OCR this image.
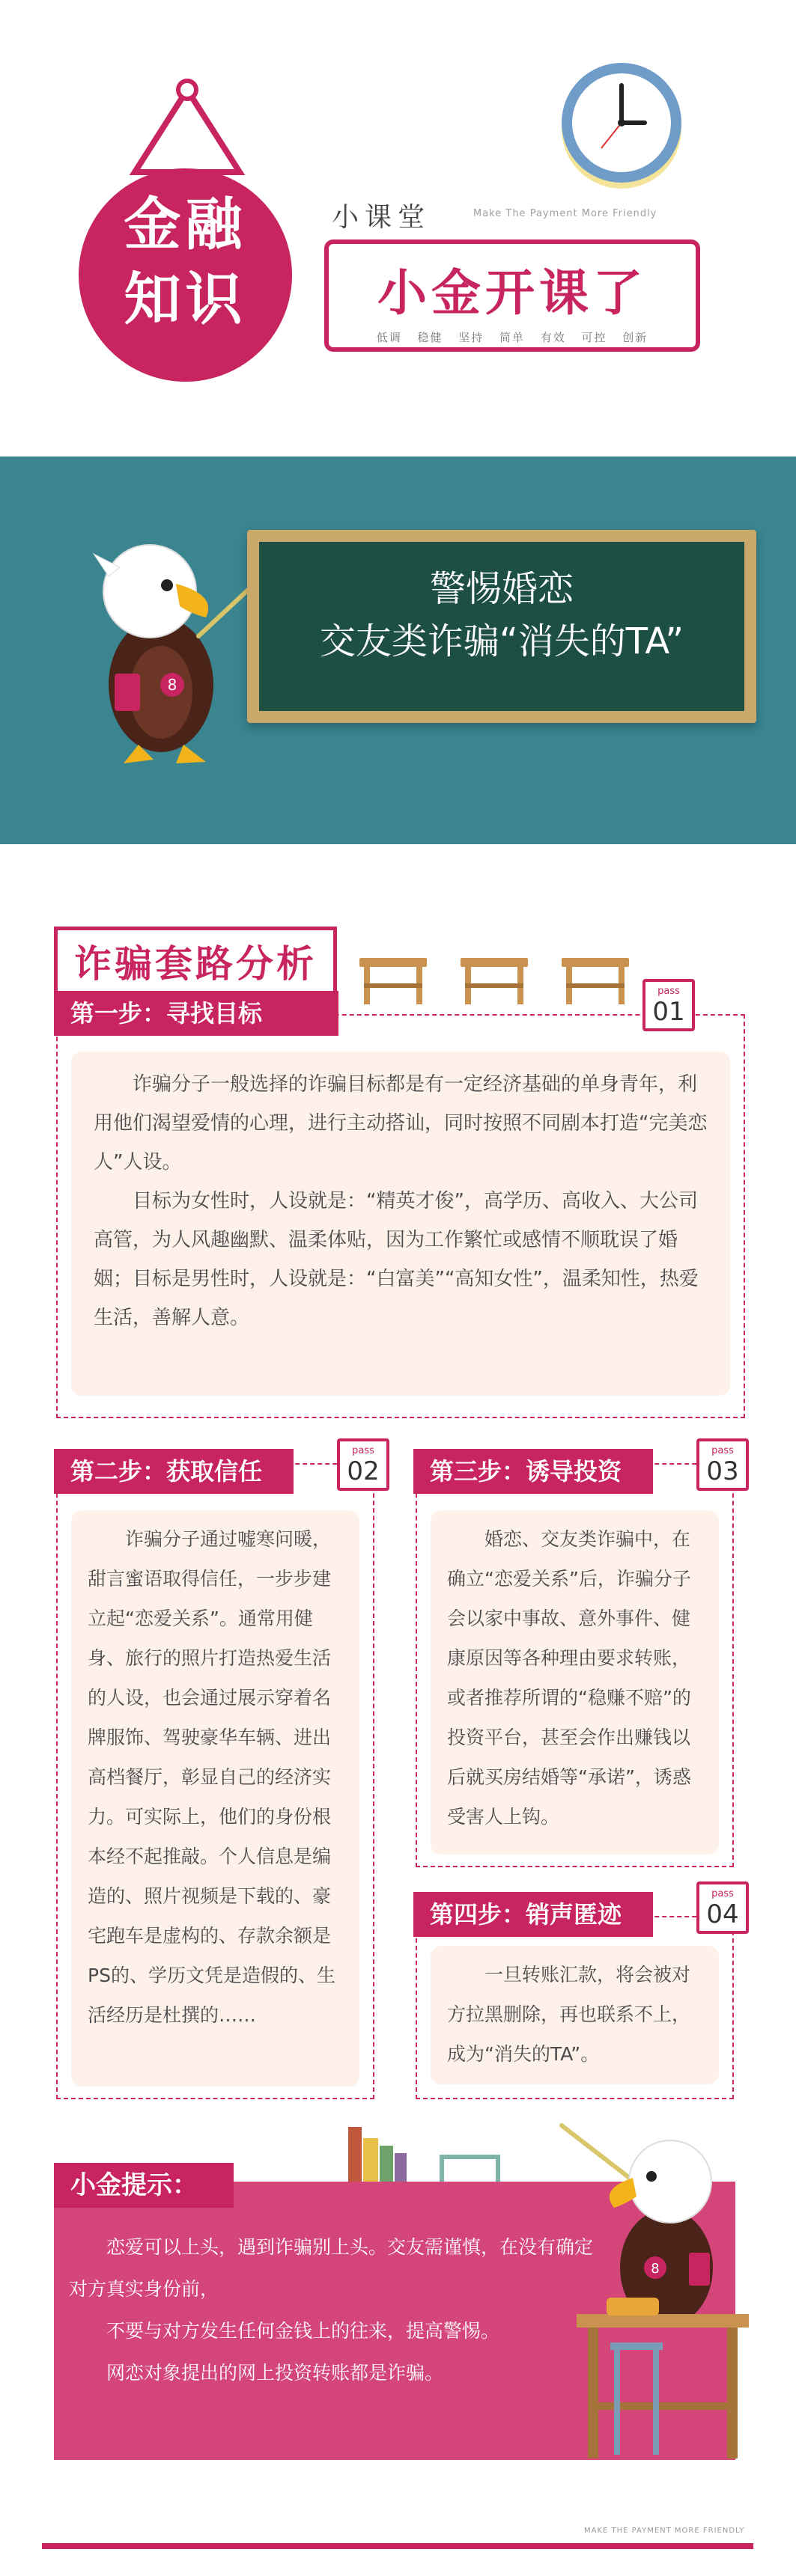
金融
知识
小课堂	Make The Payment More Friendly
小金开课了
低调 稳健 坚持 简单 有效 可控 创新
8
警惕婚恋
交友类诈骗“消失的TA”
诈骗套路分析
第一步：寻找目标
pass
01

诈骗分子一般选择的诈骗目标都是有一定经济基础的单身青年，利用他们渴望爱情的心理，进行主动搭讪，同时按照不同剧本打造“完美恋人”人设。

目标为女性时，人设就是：“精英才俊”，高学历、高收入、大公司高管，为人风趣幽默、温柔体贴，因为工作繁忙或感情不顺耽误了婚姻；目标是男性时，人设就是：“白富美”“高知女性”，温柔知性，热爱生活，善解人意。

第二步：获取信任
pass
02

诈骗分子通过嘘寒问暖，甜言蜜语取得信任，一步步建立起“恋爱关系”。通常用健身、旅行的照片打造热爱生活的人设，也会通过展示穿着名牌服饰、驾驶豪华车辆、进出高档餐厅，彰显自己的经济实力。可实际上，他们的身份根本经不起推敲。个人信息是编造的、照片视频是下载的、豪宅跑车是虚构的、存款余额是PS的、学历文凭是造假的、生活经历是杜撰的……

第三步：诱导投资
pass
03

婚恋、交友类诈骗中，在确立“恋爱关系”后，诈骗分子会以家中事故、意外事件、健康原因等各种理由要求转账，或者推荐所谓的“稳赚不赔”的投资平台，甚至会作出赚钱以后就买房结婚等“承诺”，诱惑受害人上钩。

第四步：销声匿迹
pass
04

一旦转账汇款，将会被对方拉黑删除，再也联系不上，成为“消失的TA”。

小金提示：

恋爱可以上头，遇到诈骗别上头。交友需谨慎，在没有确定对方真实身份前，

不要与对方发生任何金钱上的往来，提高警惕。

网恋对象提出的网上投资转账都是诈骗。

8
MAKE THE PAYMENT MORE FRIENDLY
